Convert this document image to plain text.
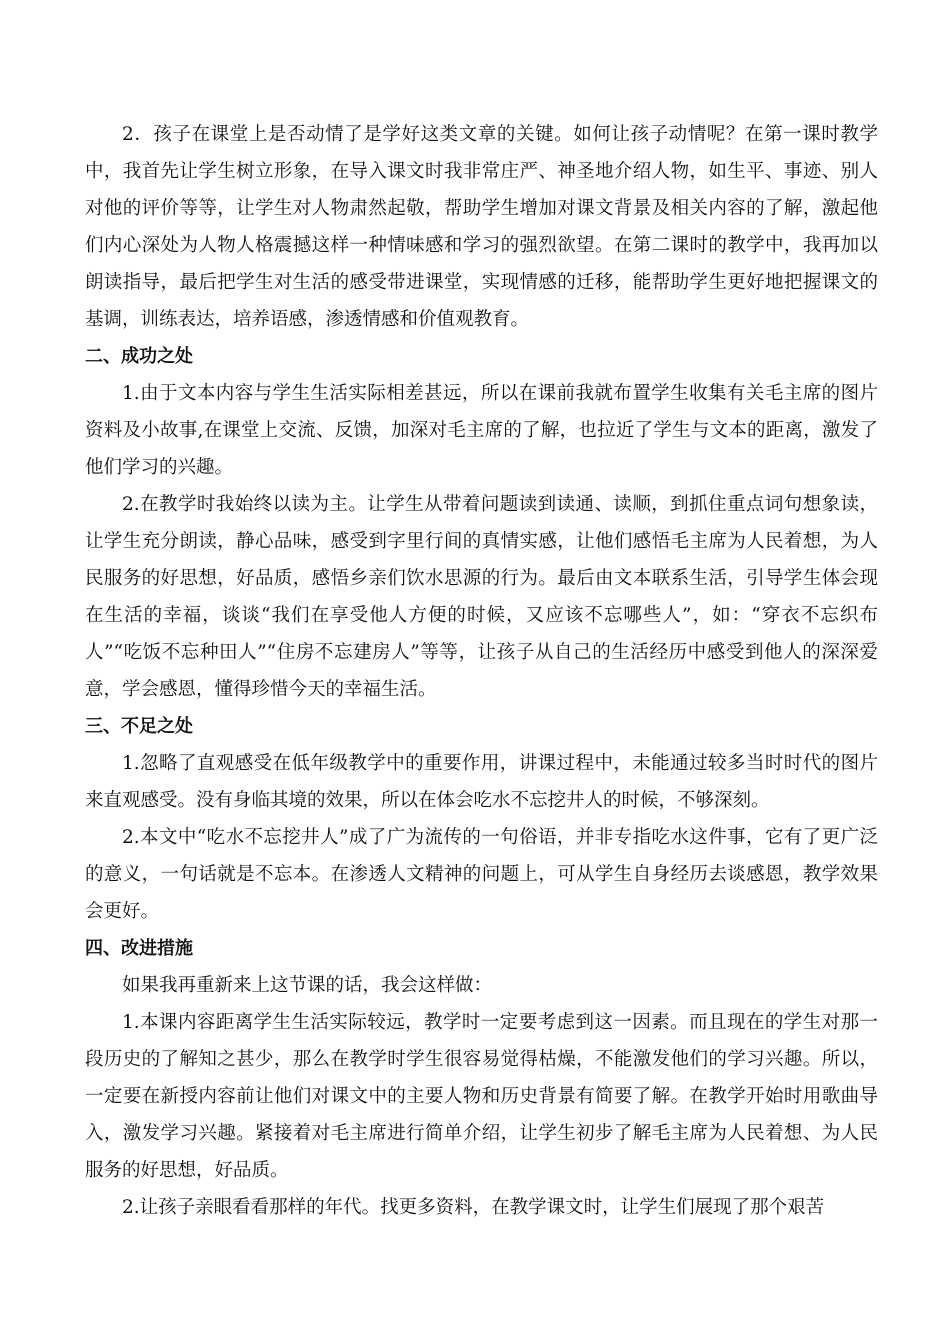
2．孩子在课堂上是否动情了是学好这类文章的关键。如何让孩子动情呢？在第一课时教学中，我首先让学生树立形象，在导入课文时我非常庄严、神圣地介绍人物，如生平、事迹、别人对他的评价等等，让学生对人物肃然起敬，帮助学生增加对课文背景及相关内容的了解，激起他们内心深处为人物人格震撼这样一种情味感和学习的强烈欲望。在第二课时的教学中，我再加以朗读指导，最后把学生对生活的感受带进课堂，实现情感的迁移，能帮助学生更好地把握课文的基调，训练表达，培养语感，渗透情感和价值观教育。

二、成功之处

1.由于文本内容与学生生活实际相差甚远，所以在课前我就布置学生收集有关毛主席的图片资料及小故事,在课堂上交流、反馈，加深对毛主席的了解，也拉近了学生与文本的距离，激发了他们学习的兴趣。

2.在教学时我始终以读为主。让学生从带着问题读到读通、读顺，到抓住重点词句想象读，让学生充分朗读，静心品味，感受到字里行间的真情实感，让他们感悟毛主席为人民着想，为人民服务的好思想，好品质，感悟乡亲们饮水思源的行为。最后由文本联系生活，引导学生体会现在生活的幸福，谈谈“我们在享受他人方便的时候，又应该不忘哪些人”，如：“穿衣不忘织布人”“吃饭不忘种田人”“住房不忘建房人”等等，让孩子从自己的生活经历中感受到他人的深深爱意，学会感恩，懂得珍惜今天的幸福生活。

三、不足之处

1.忽略了直观感受在低年级教学中的重要作用，讲课过程中，未能通过较多当时时代的图片来直观感受。没有身临其境的效果，所以在体会吃水不忘挖井人的时候，不够深刻。

2.本文中“吃水不忘挖井人”成了广为流传的一句俗语，并非专指吃水这件事，它有了更广泛的意义，一句话就是不忘本。在渗透人文精神的问题上，可从学生自身经历去谈感恩，教学效果会更好。

四、改进措施

如果我再重新来上这节课的话，我会这样做：

1.本课内容距离学生生活实际较远，教学时一定要考虑到这一因素。而且现在的学生对那一段历史的了解知之甚少，那么在教学时学生很容易觉得枯燥，不能激发他们的学习兴趣。所以，一定要在新授内容前让他们对课文中的主要人物和历史背景有简要了解。在教学开始时用歌曲导入，激发学习兴趣。紧接着对毛主席进行简单介绍，让学生初步了解毛主席为人民着想、为人民服务的好思想，好品质。

2.让孩子亲眼看看那样的年代。找更多资料，在教学课文时，让学生们展现了那个艰苦
